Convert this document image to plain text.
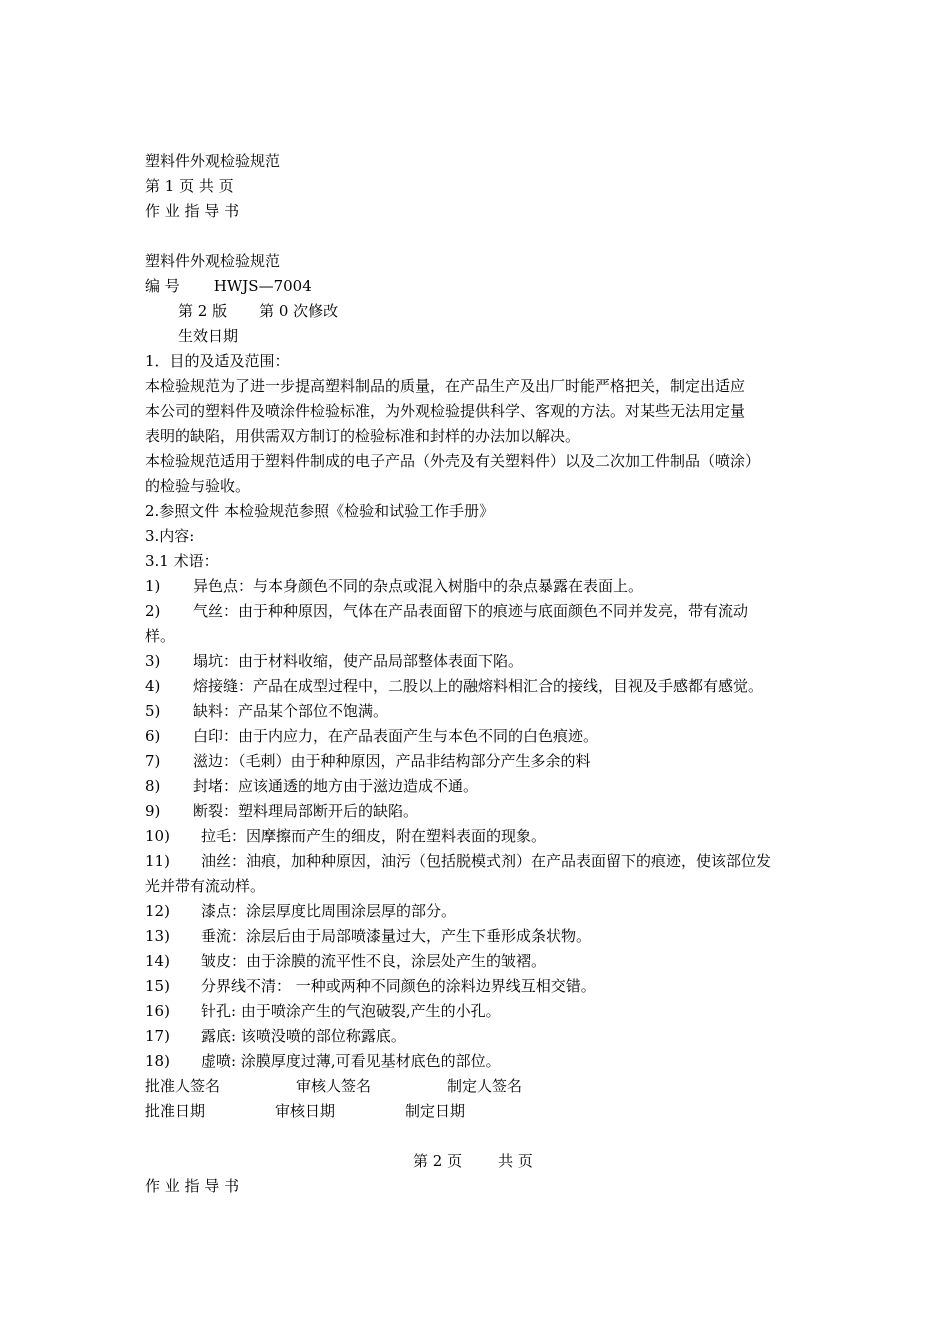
塑料件外观检验规范
第 1 页 共 页
作 业 指 导 书
塑料件外观检验规范
编 号 HWJS—7004
第 2 版 第 0 次修改
生效日期
1．目的及适及范围：
本检验规范为了进一步提高塑料制品的质量，在产品生产及出厂时能严格把关，制定出适应
本公司的塑料件及喷涂件检验标准，为外观检验提供科学、客观的方法。对某些无法用定量
表明的缺陷，用供需双方制订的检验标准和封样的办法加以解决。
本检验规范适用于塑料件制成的电子产品（外壳及有关塑料件）以及二次加工件制品（喷涂）
的检验与验收。
2.参照文件 本检验规范参照《检验和试验工作手册》
3.内容:
3.1 术语：
1) 异色点：与本身颜色不同的杂点或混入树脂中的杂点暴露在表面上。
2) 气丝：由于种种原因，气体在产品表面留下的痕迹与底面颜色不同并发亮，带有流动
样。
3) 塌坑：由于材料收缩，使产品局部整体表面下陷。
4) 熔接缝：产品在成型过程中，二股以上的融熔料相汇合的接线，目视及手感都有感觉。
5) 缺料：产品某个部位不饱满。
6) 白印：由于内应力，在产品表面产生与本色不同的白色痕迹。
7) 滋边：（毛刺）由于种种原因，产品非结构部分产生多余的料
8) 封堵：应该通透的地方由于滋边造成不通。
9) 断裂：塑料理局部断开后的缺陷。
10) 拉毛：因摩擦而产生的细皮，附在塑料表面的现象。
11) 油丝：油痕，加种种原因，油污（包括脱模式剂）在产品表面留下的痕迹，使该部位发
光并带有流动样。
12) 漆点：涂层厚度比周围涂层厚的部分。
13) 垂流：涂层后由于局部喷漆量过大，产生下垂形成条状物。
14) 皱皮：由于涂膜的流平性不良，涂层处产生的皱褶。
15) 分界线不清： 一种或两种不同颜色的涂料边界线互相交错。
16) 针孔: 由于喷涂产生的气泡破裂,产生的小孔。
17) 露底: 该喷没喷的部位称露底。
18) 虚喷: 涂膜厚度过薄,可看见基材底色的部位。
批准人签名	审核人签名	制定人签名
批准日期	审核日期	制定日期
第 2 页 共 页
作 业 指 导 书
